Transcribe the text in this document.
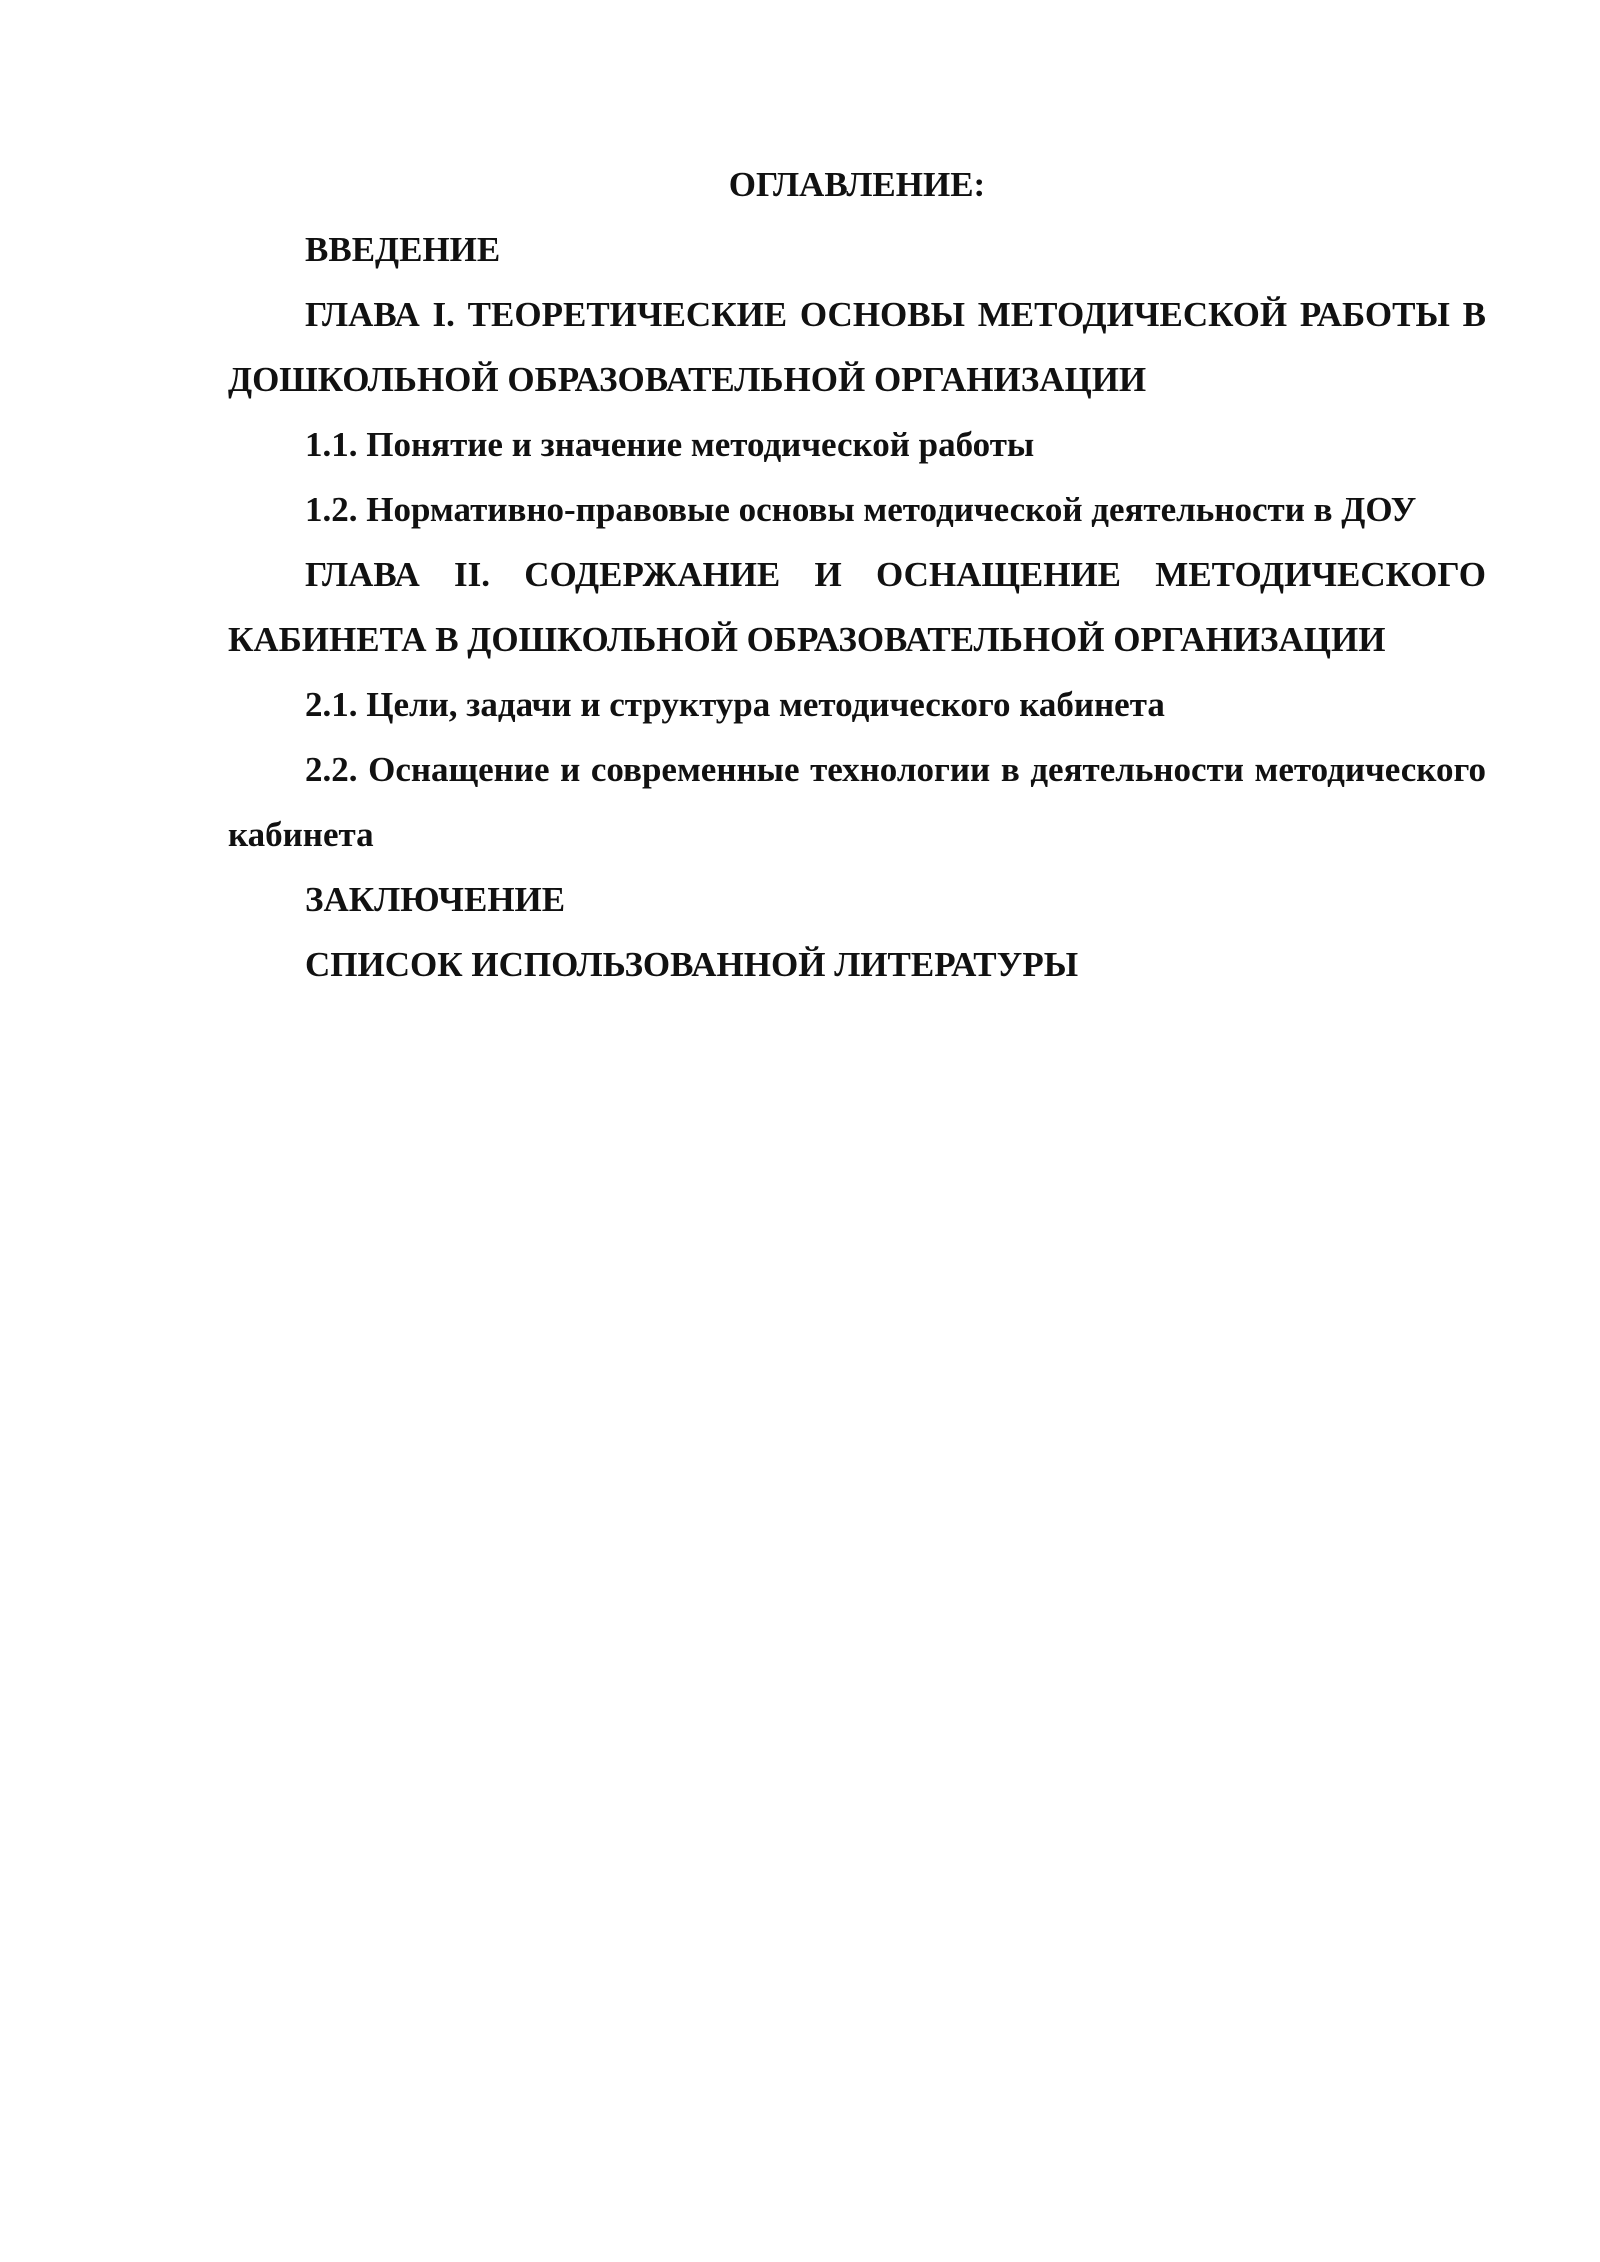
ОГЛАВЛЕНИЕ:

ВВЕДЕНИЕ

ГЛАВА I. ТЕОРЕТИЧЕСКИЕ ОСНОВЫ МЕТОДИЧЕСКОЙ РАБОТЫ В ДОШКОЛЬНОЙ ОБРАЗОВАТЕЛЬНОЙ ОРГАНИЗАЦИИ

1.1. Понятие и значение методической работы

1.2. Нормативно-правовые основы методической деятельности в ДОУ

ГЛАВА II. СОДЕРЖАНИЕ И ОСНАЩЕНИЕ МЕТОДИЧЕСКОГО КАБИНЕТА В ДОШКОЛЬНОЙ ОБРАЗОВАТЕЛЬНОЙ ОРГАНИЗАЦИИ

2.1. Цели, задачи и структура методического кабинета

2.2. Оснащение и современные технологии в деятельности методического кабинета

ЗАКЛЮЧЕНИЕ

СПИСОК ИСПОЛЬЗОВАННОЙ ЛИТЕРАТУРЫ
